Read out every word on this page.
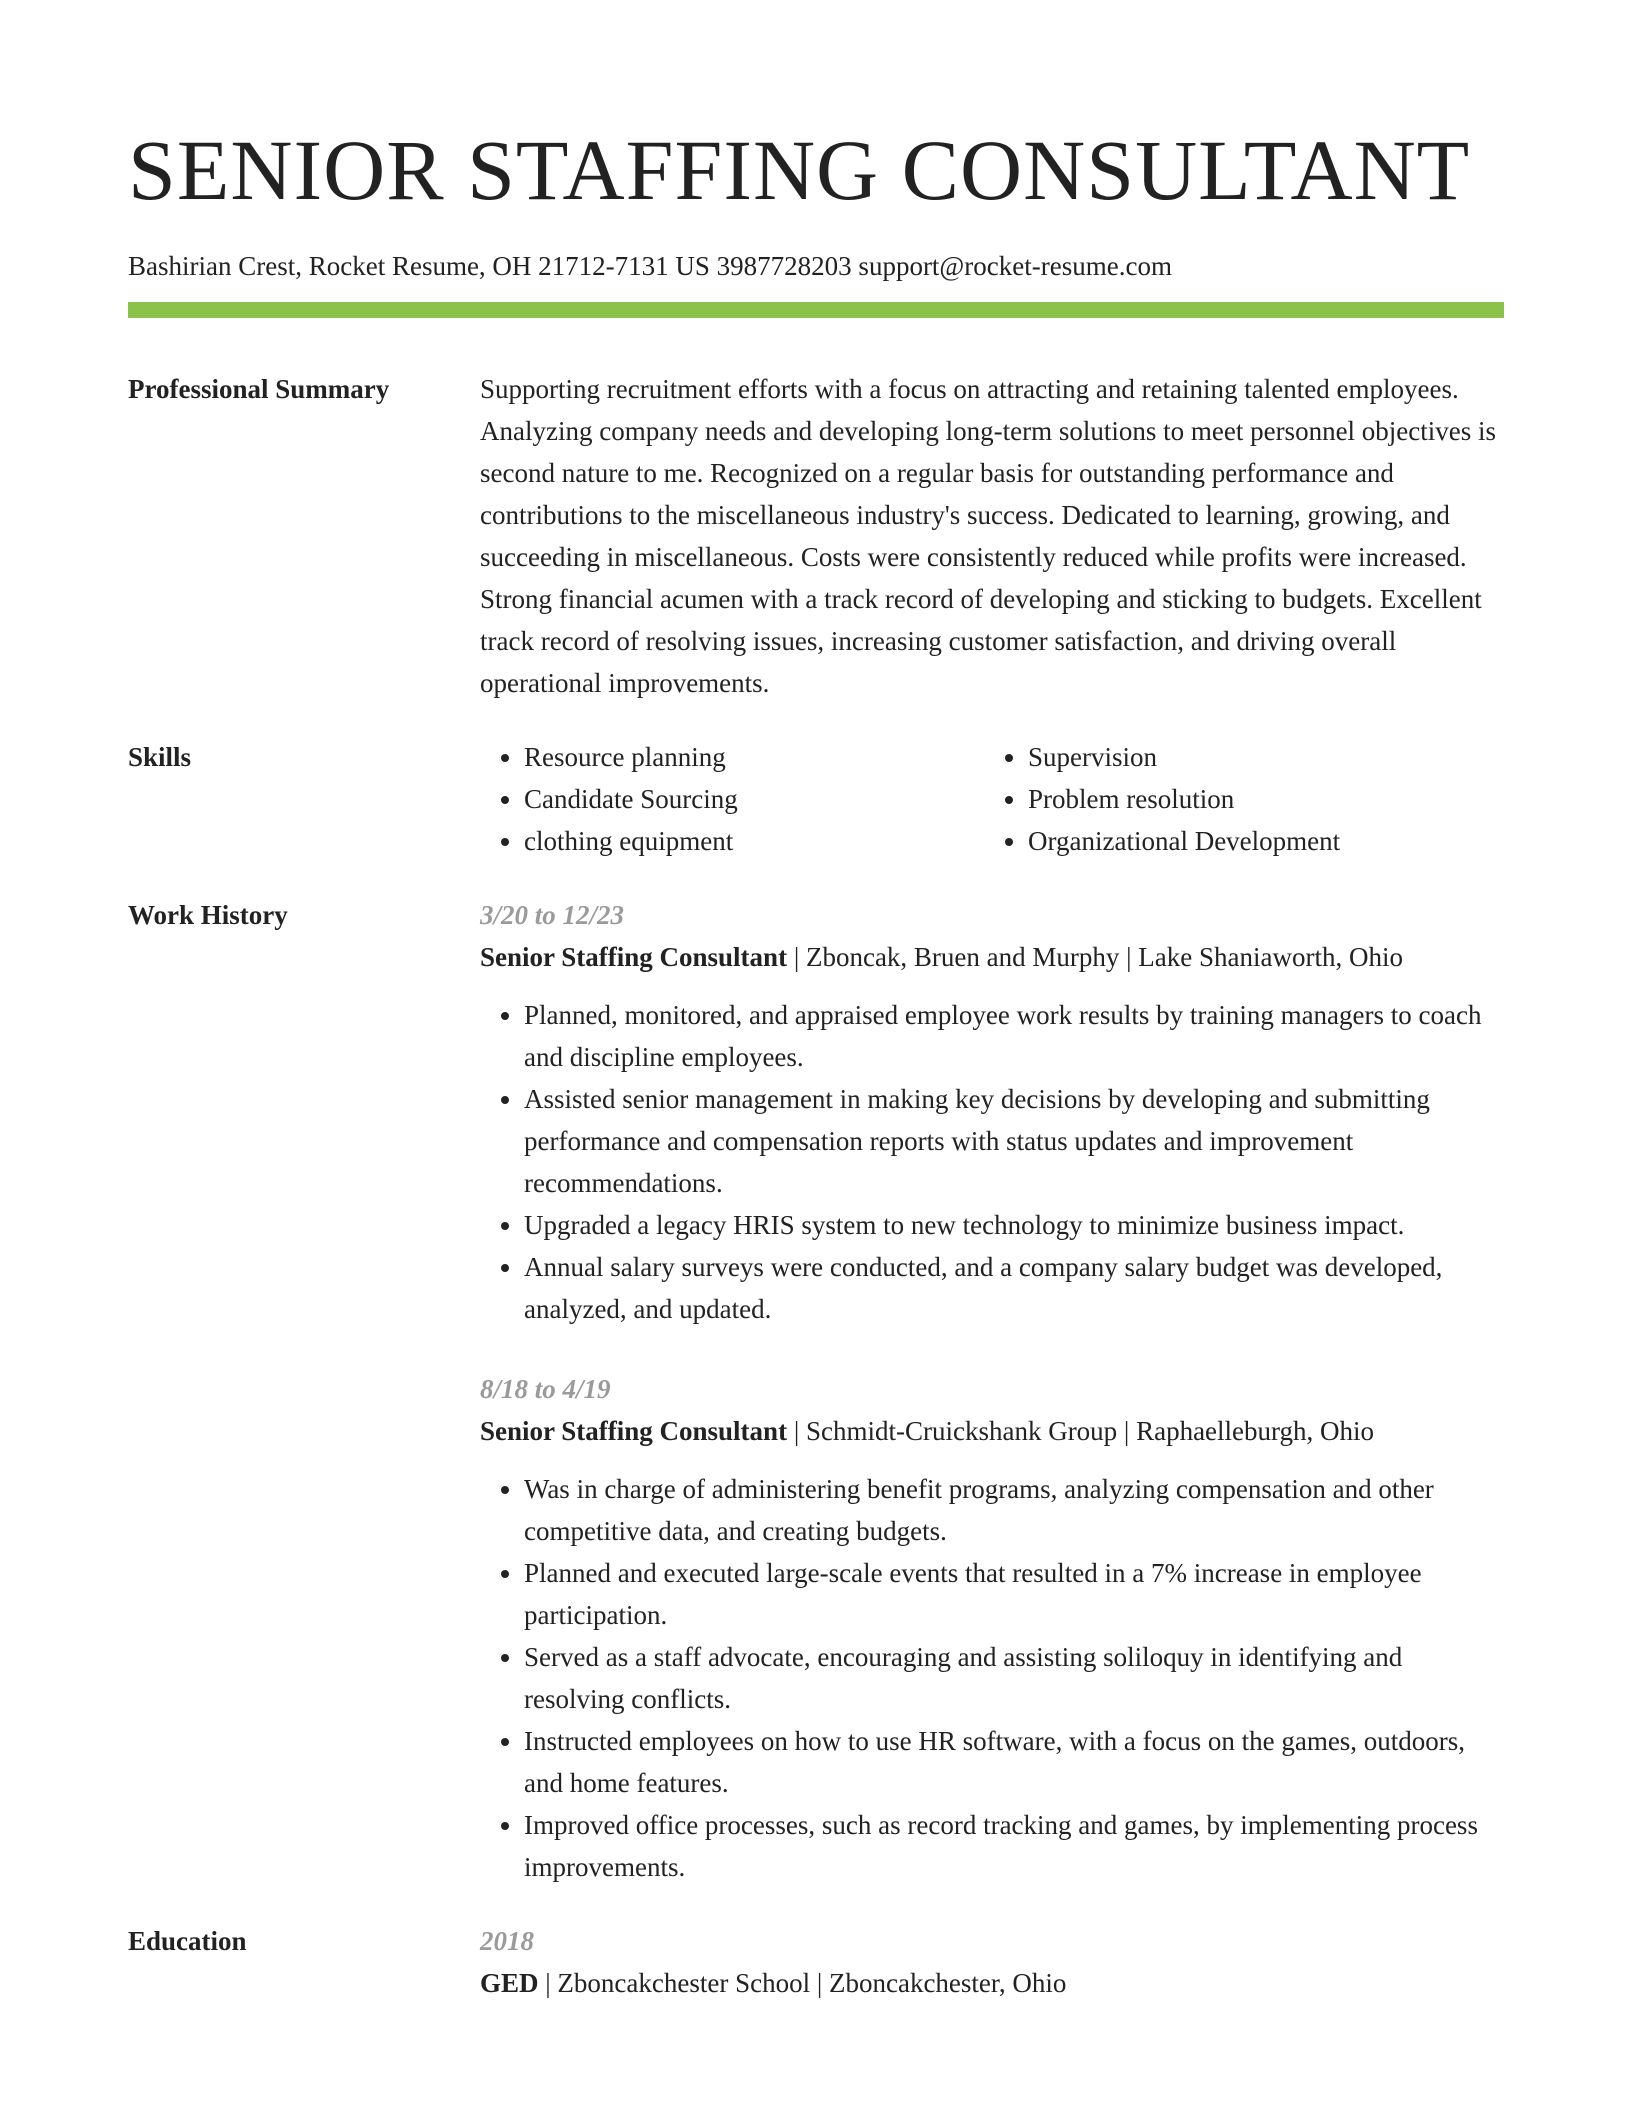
SENIOR STAFFING CONSULTANT
Bashirian Crest, Rocket Resume, OH 21712-7131 US 3987728203 support@rocket-resume.com
Professional Summary	Supporting recruitment efforts with a focus on attracting and retaining talented employees. Analyzing company needs and developing long-term solutions to meet personnel objectives is second nature to me. Recognized on a regular basis for outstanding performance and contributions to the miscellaneous industry's success. Dedicated to learning, growing, and succeeding in miscellaneous. Costs were consistently reduced while profits were increased. Strong financial acumen with a track record of developing and sticking to budgets. Excellent track record of resolving issues, increasing customer satisfaction, and driving overall operational improvements.
Skills
•	Resource planning
• Candidate Sourcing
• clothing equipment
• Supervision
• Problem resolution
• Organizational Development
Work History	3/20 to 12/23
Senior Staffing Consultant | Zboncak, Bruen and Murphy | Lake Shaniaworth, Ohio
• Planned, monitored, and appraised employee work results by training managers to coach and discipline employees.
• Assisted senior management in making key decisions by developing and submitting performance and compensation reports with status updates and improvement recommendations.
• Upgraded a legacy HRIS system to new technology to minimize business impact.
• Annual salary surveys were conducted, and a company salary budget was developed, analyzed, and updated.
8/18 to 4/19
Senior Staffing Consultant | Schmidt-Cruickshank Group | Raphaelleburgh, Ohio
• Was in charge of administering benefit programs, analyzing compensation and other competitive data, and creating budgets.
• Planned and executed large-scale events that resulted in a 7% increase in employee participation.
• Served as a staff advocate, encouraging and assisting soliloquy in identifying and resolving conflicts.
• Instructed employees on how to use HR software, with a focus on the games, outdoors, and home features.
• Improved office processes, such as record tracking and games, by implementing process improvements.
Education	2018
GED | Zboncakchester School | Zboncakchester, Ohio
